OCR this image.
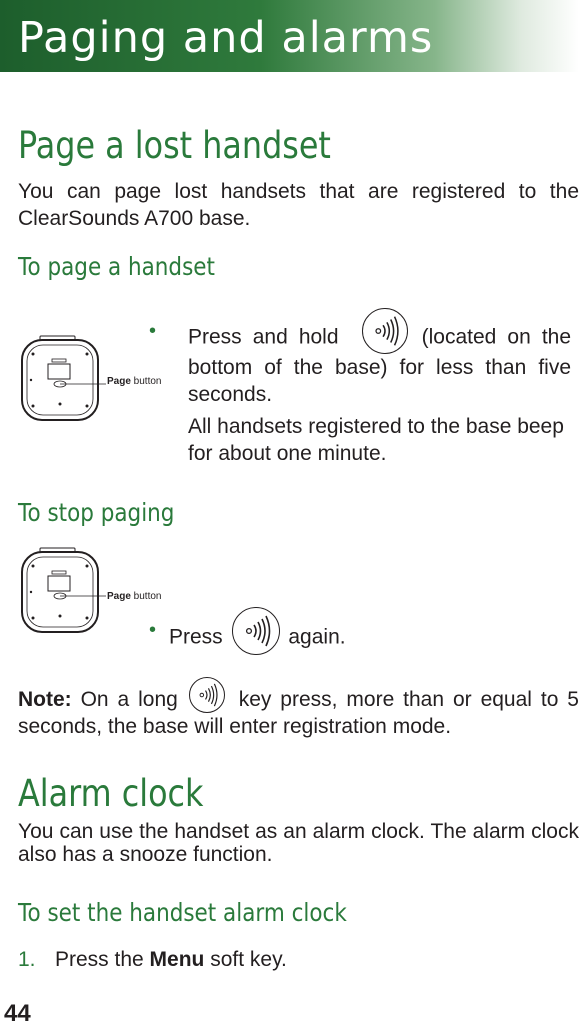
Paging and alarms
Page a lost handset

You can page lost handsets that are registered to the ClearSounds A700 base.

To page a handset
Page button
• Press and hold	(located on the bottom of the base) for less than five seconds.
All handsets registered to the base beep for about one minute.
To stop paging
Page button
• Press	again.

Note: On a long
key press, more than or equal to 5 seconds, the base will enter registration mode.

Alarm clock

You can use the handset as an alarm clock. The alarm clock also has a snooze function.

To set the handset alarm clock
1. Press the Menu soft key.
44
